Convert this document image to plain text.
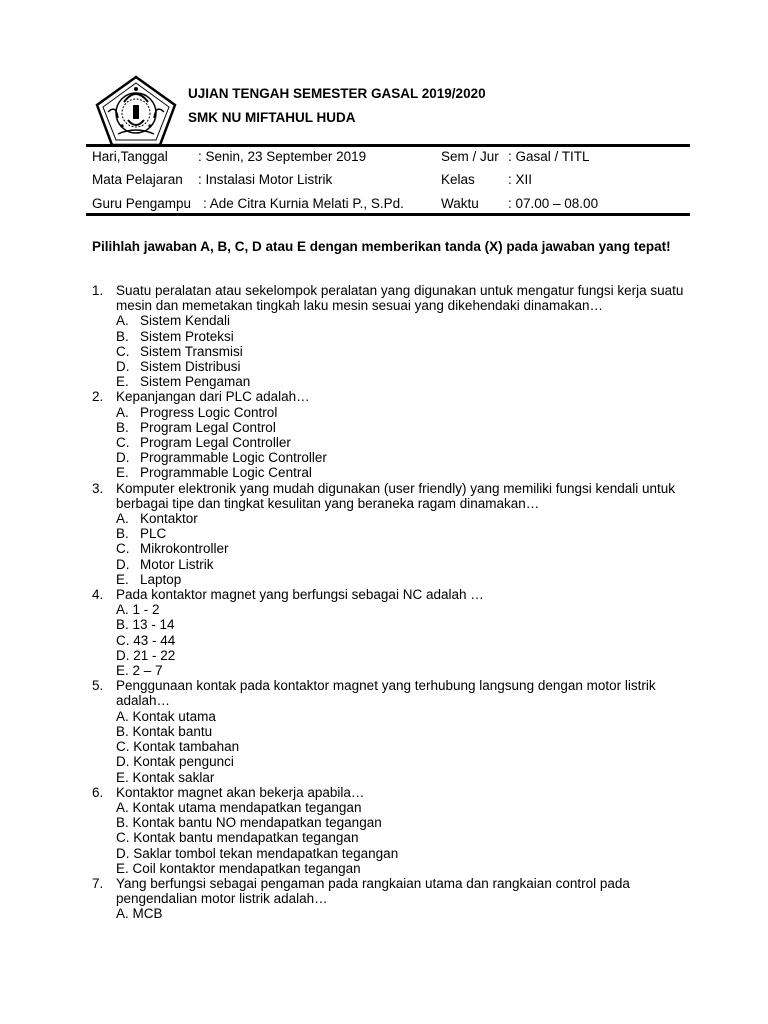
UJIAN TENGAH SEMESTER GASAL 2019/2020
SMK NU MIFTAHUL HUDA
Hari,Tanggal : Senin, 23 September 2019
Mata Pelajaran : Instalasi Motor Listrik
Guru Pengampu : Ade Citra Kurnia Melati P., S.Pd.
Sem / Jur : Gasal / TITL
Kelas : XII
Waktu : 07.00 – 08.00
Pilihlah jawaban A, B, C, D atau E dengan memberikan tanda (X) pada jawaban yang tepat!
1. Suatu peralatan atau sekelompok peralatan yang digunakan untuk mengatur fungsi kerja suatu mesin dan memetakan tingkah laku mesin sesuai yang dikehendaki dinamakan…
A. Sistem Kendali
B. Sistem Proteksi
C. Sistem Transmisi
D. Sistem Distribusi
E. Sistem Pengaman
2. Kepanjangan dari PLC adalah…
A. Progress Logic Control
B. Program Legal Control
C. Program Legal Controller
D. Programmable Logic Controller
E. Programmable Logic Central
3. Komputer elektronik yang mudah digunakan (user friendly) yang memiliki fungsi kendali untuk berbagai tipe dan tingkat kesulitan yang beraneka ragam dinamakan…
A. Kontaktor
B. PLC
C. Mikrokontroller
D. Motor Listrik
E. Laptop
4. Pada kontaktor magnet yang berfungsi sebagai NC adalah …
A. 1 - 2
B. 13 - 14
C. 43 - 44
D. 21 - 22
E. 2 – 7
5. Penggunaan kontak pada kontaktor magnet yang terhubung langsung dengan motor listrik adalah…
A. Kontak utama
B. Kontak bantu
C. Kontak tambahan
D. Kontak pengunci
E. Kontak saklar
6. Kontaktor magnet akan bekerja apabila…
A. Kontak utama mendapatkan tegangan
B. Kontak bantu NO mendapatkan tegangan
C. Kontak bantu mendapatkan tegangan
D. Saklar tombol tekan mendapatkan tegangan
E. Coil kontaktor mendapatkan tegangan
7. Yang berfungsi sebagai pengaman pada rangkaian utama dan rangkaian control pada pengendalian motor listrik adalah…
A. MCB
